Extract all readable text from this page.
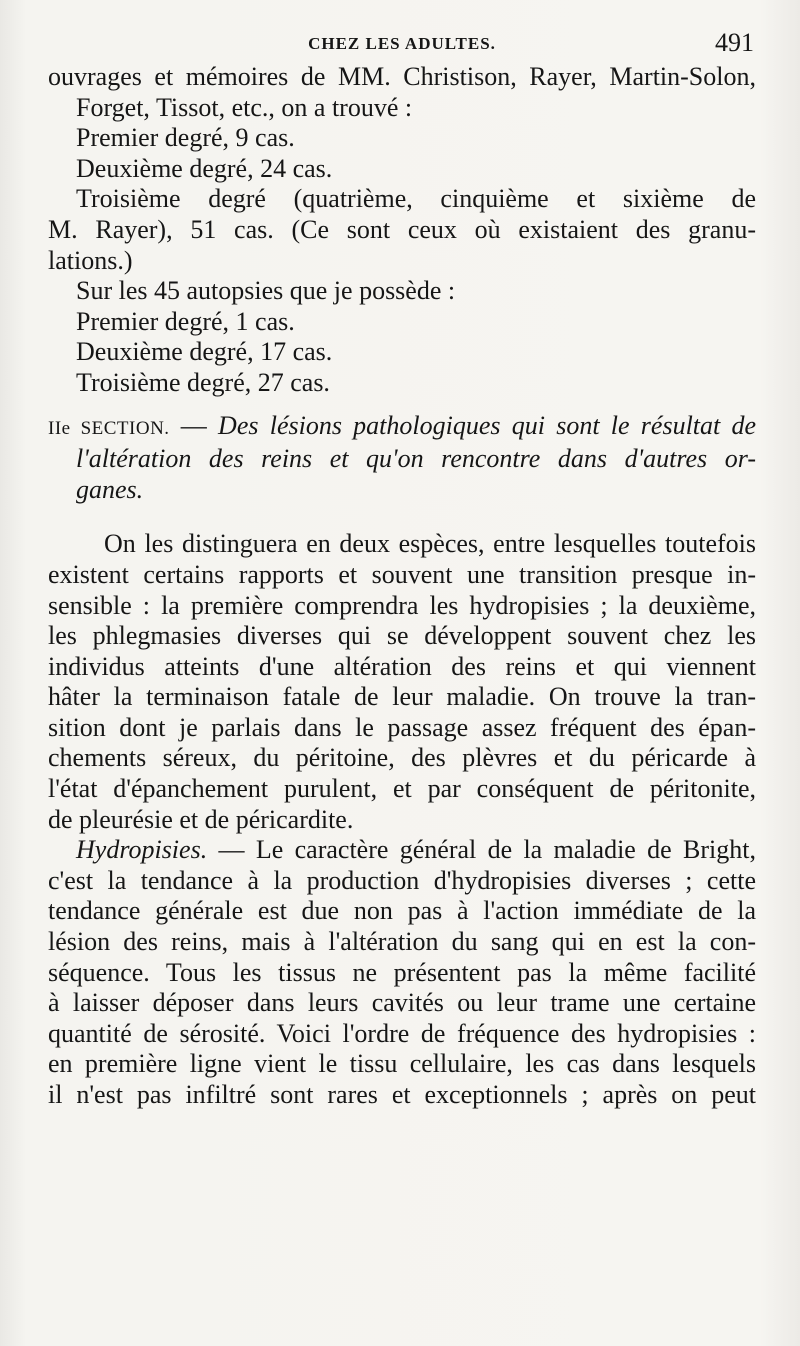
CHEZ LES ADULTES.	491
ouvrages et mémoires de MM. Christison, Rayer, Martin-Solon,
Forget, Tissot, etc., on a trouvé :
Premier degré, 9 cas.
Deuxième degré, 24 cas.
Troisième degré (quatrième, cinquième et sixième de
M. Rayer), 51 cas. (Ce sont ceux où existaient des granu-
lations.)
Sur les 45 autopsies que je possède :
Premier degré, 1 cas.
Deuxième degré, 17 cas.
Troisième degré, 27 cas.
IIe SECTION. — Des lésions pathologiques qui sont le résultat de
l'altération des reins et qu'on rencontre dans d'autres or-
ganes.
On les distinguera en deux espèces, entre lesquelles toutefois
existent certains rapports et souvent une transition presque in-
sensible : la première comprendra les hydropisies ; la deuxième,
les phlegmasies diverses qui se développent souvent chez les
individus atteints d'une altération des reins et qui viennent
hâter la terminaison fatale de leur maladie. On trouve la tran-
sition dont je parlais dans le passage assez fréquent des épan-
chements séreux, du péritoine, des plèvres et du péricarde à
l'état d'épanchement purulent, et par conséquent de péritonite,
de pleurésie et de péricardite.
Hydropisies. — Le caractère général de la maladie de Bright,
c'est la tendance à la production d'hydropisies diverses ; cette
tendance générale est due non pas à l'action immédiate de la
lésion des reins, mais à l'altération du sang qui en est la con-
séquence. Tous les tissus ne présentent pas la même facilité
à laisser déposer dans leurs cavités ou leur trame une certaine
quantité de sérosité. Voici l'ordre de fréquence des hydropisies :
en première ligne vient le tissu cellulaire, les cas dans lesquels
il n'est pas infiltré sont rares et exceptionnels ; après on peut
